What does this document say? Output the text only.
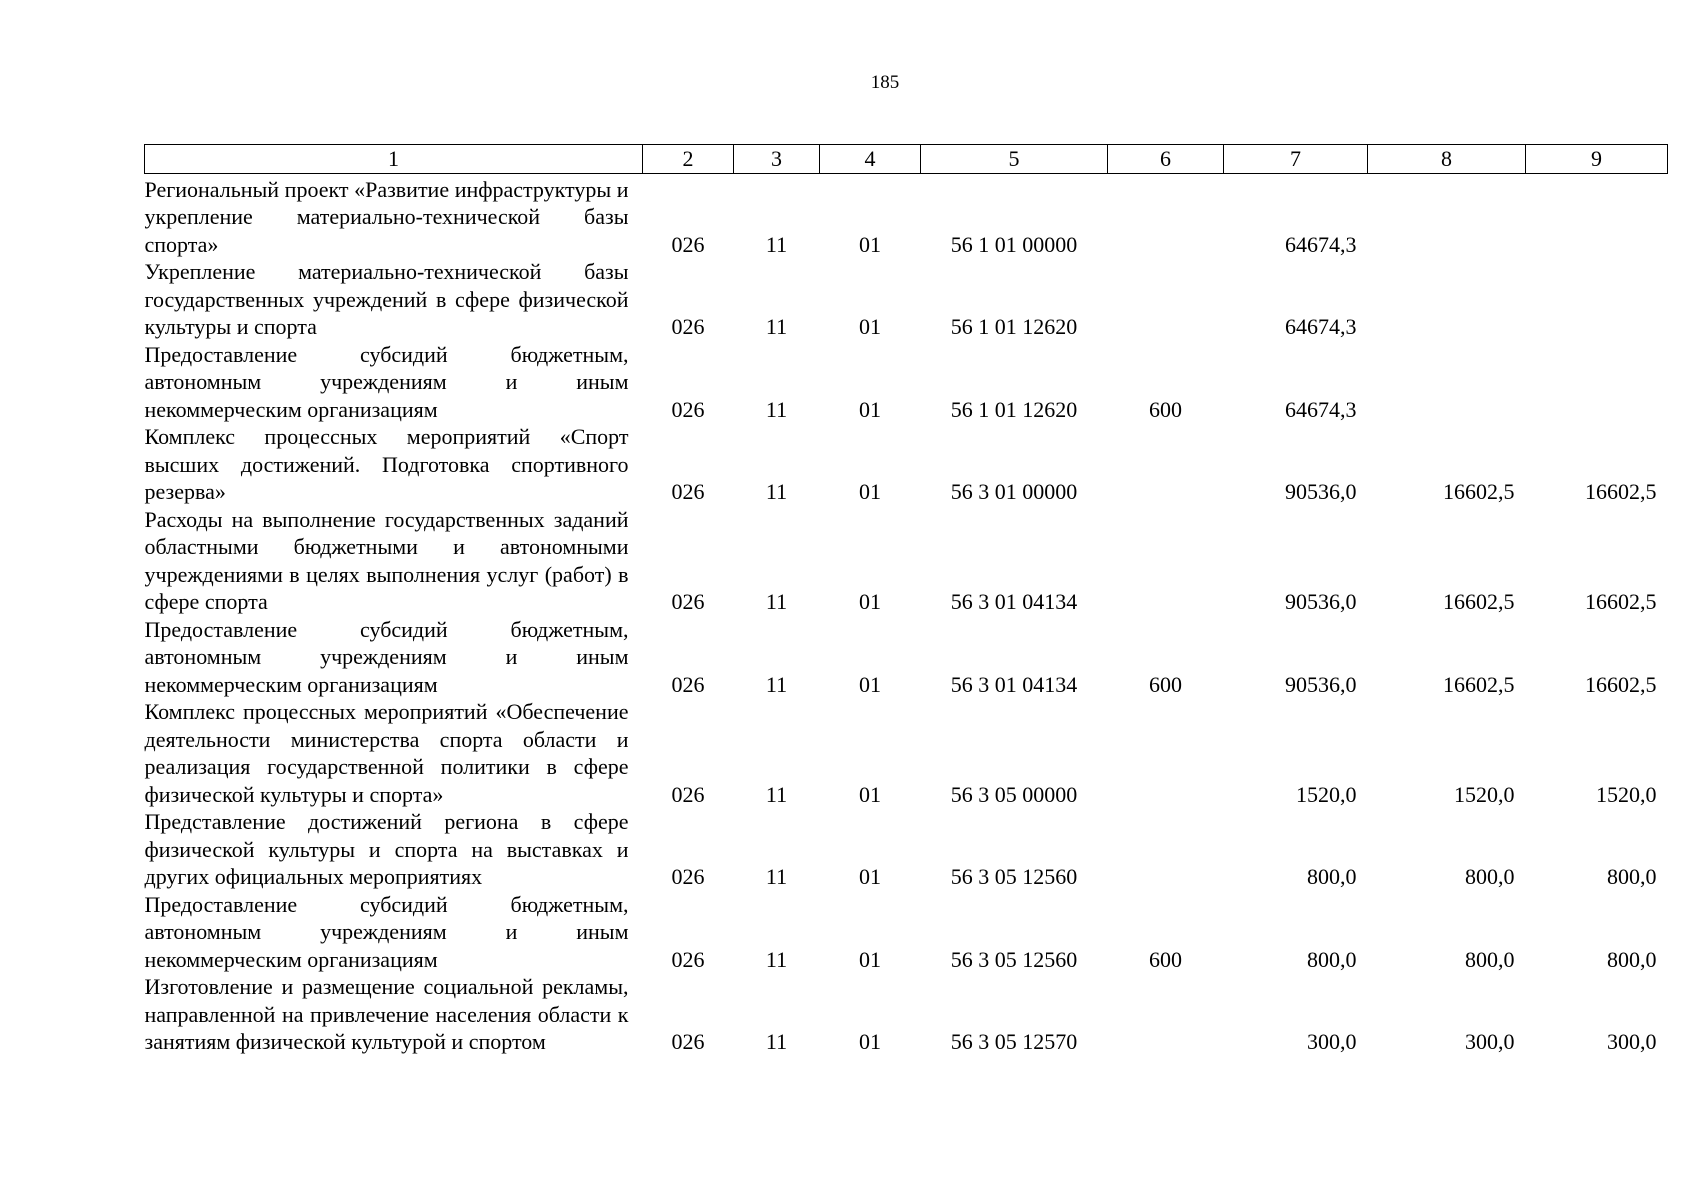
185
1	2	3	4	5	6	7	8	9
Региональный проект «Развитие инфраструктуры и укрепление материально-технической базы спорта»	026	11	01	56 1 01 00000		64674,3		
Укрепление материально-технической базы государственных учреждений в сфере физической культуры и спорта	026	11	01	56 1 01 12620		64674,3		
Предоставление субсидий бюджетным, автономным учреждениям и иным некоммерческим организациям	026	11	01	56 1 01 12620	600	64674,3		
Комплекс процессных мероприятий «Спорт высших достижений. Подготовка спортивного резерва»	026	11	01	56 3 01 00000		90536,0	16602,5	16602,5
Расходы на выполнение государственных заданий областными бюджетными и автономными учреждениями в целях выполнения услуг (работ) в сфере спорта	026	11	01	56 3 01 04134		90536,0	16602,5	16602,5
Предоставление субсидий бюджетным, автономным учреждениям и иным некоммерческим организациям	026	11	01	56 3 01 04134	600	90536,0	16602,5	16602,5
Комплекс процессных мероприятий «Обеспечение деятельности министерства спорта области и реализация государственной политики в сфере физической культуры и спорта»	026	11	01	56 3 05 00000		1520,0	1520,0	1520,0
Представление достижений региона в сфере физической культуры и спорта на выставках и других официальных мероприятиях	026	11	01	56 3 05 12560		800,0	800,0	800,0
Предоставление субсидий бюджетным, автономным учреждениям и иным некоммерческим организациям	026	11	01	56 3 05 12560	600	800,0	800,0	800,0
Изготовление и размещение социальной рекламы, направленной на привлечение населения области к занятиям физической культурой и спортом	026	11	01	56 3 05 12570		300,0	300,0	300,0
